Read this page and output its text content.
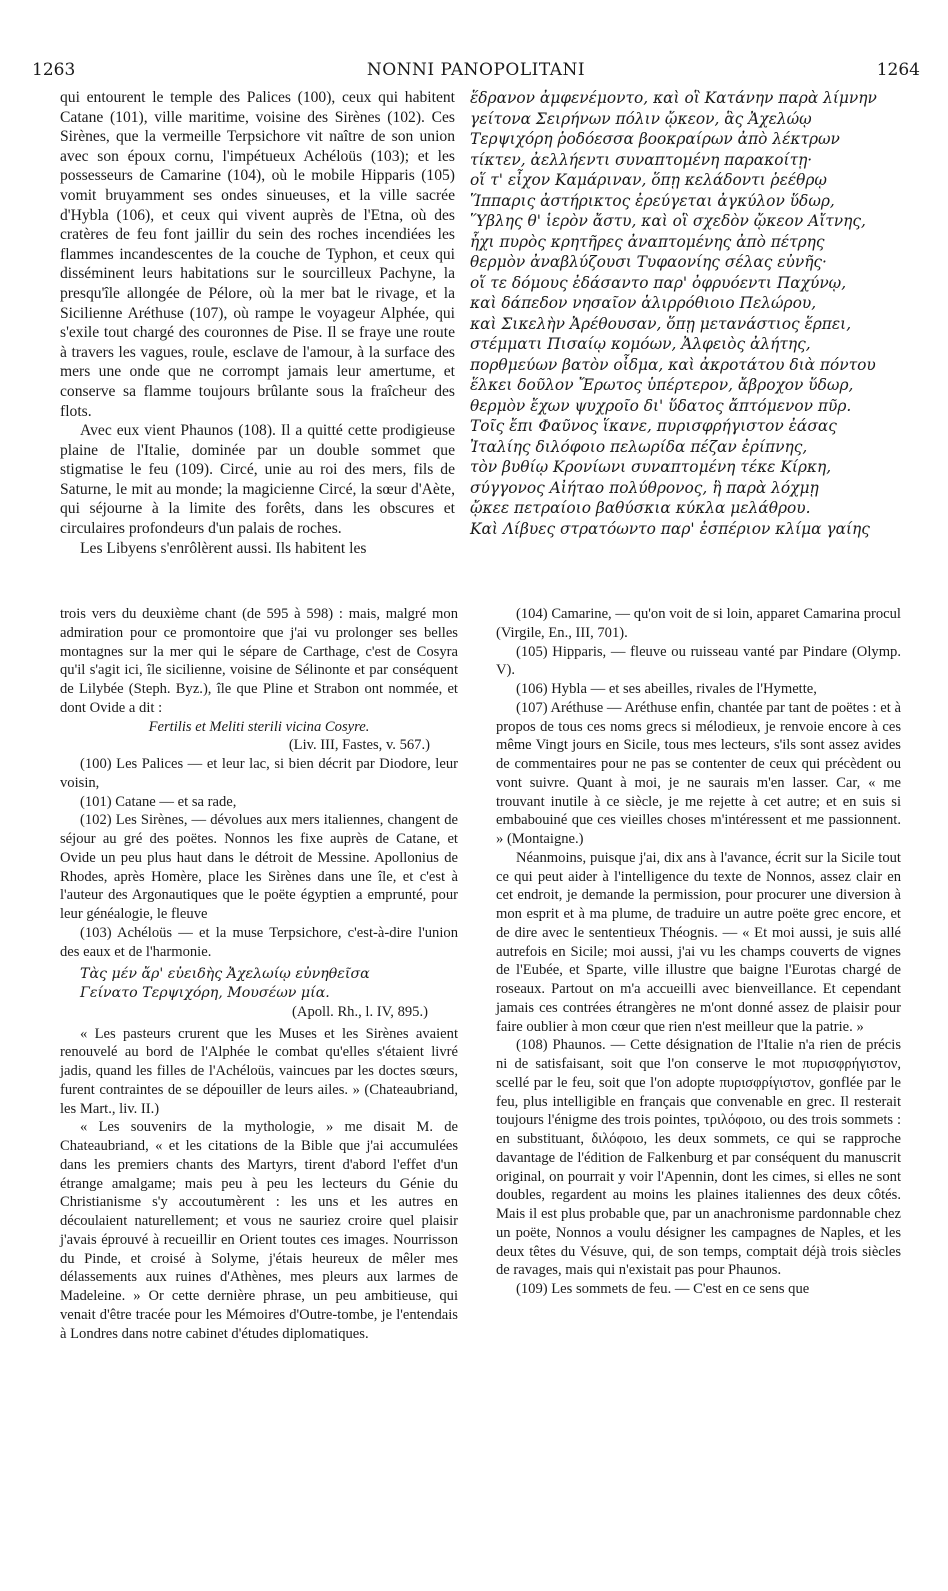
1263	NONNI PANOPOLITANI	1264

qui entourent le temple des Palices (100), ceux qui habitent Catane (101), ville maritime, voisine des Sirènes (102). Ces Sirènes, que la vermeille Terpsichore vit naître de son union avec son époux cornu, l'impétueux Achéloüs (103); et les possesseurs de Camarine (104), où le mobile Hipparis (105) vomit bruyamment ses ondes sinueuses, et la ville sacrée d'Hybla (106), et ceux qui vivent auprès de l'Etna, où des cratères de feu font jaillir du sein des roches incendiées les flammes incandescentes de la couche de Typhon, et ceux qui disséminent leurs habitations sur le sourcilleux Pachyne, la presqu'île allongée de Pélore, où la mer bat le rivage, et la Sicilienne Aréthuse (107), où rampe le voyageur Alphée, qui s'exile tout chargé des couronnes de Pise. Il se fraye une route à travers les vagues, roule, esclave de l'amour, à la surface des mers une onde que ne corrompt jamais leur amertume, et conserve sa flamme toujours brûlante sous la fraîcheur des flots.

Avec eux vient Phaunos (108). Il a quitté cette prodigieuse plaine de l'Italie, dominée par un double sommet que stigmatise le feu (109). Circé, unie au roi des mers, fils de Saturne, le mit au monde; la magicienne Circé, la sœur d'Aète, qui séjourne à la limite des forêts, dans les obscures et circulaires profondeurs d'un palais de roches.

Les Libyens s'enrôlèrent aussi. Ils habitent les

ἕδρανον ἀμφενέμοντο, καὶ οἳ Κατάνην παρὰ λίμνην
γείτονα Σειρήνων πόλιν ᾤκεον, ἃς Ἀχελώῳ
Τερψιχόρη ῥοδόεσσα βοοκραίρων ἀπὸ λέκτρων
τίκτεν, ἀελλήεντι συναπτομένη παρακοίτῃ·
οἵ τ' εἶχον Καμάριναν, ὅπῃ κελάδοντι ῥεέθρῳ
Ἵππαρις ἀστήρικτος ἐρεύγεται ἀγκύλον ὕδωρ,
Ὕβλης θ' ἱερὸν ἄστυ, καὶ οἳ σχεδὸν ᾤκεον Αἴτνης,
ἧχι πυρὸς κρητῆρες ἀναπτομένης ἀπὸ πέτρης
θερμὸν ἀναβλύζουσι Τυφαονίης σέλας εὐνῆς·
οἵ τε δόμους ἐδάσαντο παρ' ὀφρυόεντι Παχύνῳ,
καὶ δάπεδον νησαῖον ἁλιρρόθιοιο Πελώρου,
καὶ Σικελὴν Ἀρέθουσαν, ὅπῃ μετανάστιος ἕρπει,
στέμματι Πισαίῳ κομόων, Ἀλφειὸς ἀλήτης,
πορθμεύων βατὸν οἶδμα, καὶ ἀκροτάτου διὰ πόντου
ἕλκει δοῦλον Ἔρωτος ὑπέρτερον, ἄβροχον ὕδωρ,
θερμὸν ἔχων ψυχροῖο δι' ὕδατος ἄπτόμενον πῦρ.
Τοῖς ἔπι Φαῦνος ἵκανε, πυρισφρήγιστον ἐάσας
Ἰταλίης διλόφοιο πελωρίδα πέζαν ἐρίπνης,
τὸν βυθίῳ Κρονίωνι συναπτομένη τέκε Κίρκη,
σύγγονος Αἰήταο πολύθρονος, ἣ παρὰ λόχμῃ
ᾤκεε πετραίοιο βαθύσκια κύκλα μελάθρου.
Καὶ Λίβυες στρατόωντο παρ' ἑσπέριον κλίμα γαίης

trois vers du deuxième chant (de 595 à 598) : mais, malgré mon admiration pour ce promontoire que j'ai vu prolonger ses belles montagnes sur la mer qui le sépare de Carthage, c'est de Cosyra qu'il s'agit ici, île sicilienne, voisine de Sélinonte et par conséquent de Lilybée (Steph. Byz.), île que Pline et Strabon ont nommée, et dont Ovide a dit :

Fertilis et Meliti sterili vicina Cosyre.

(Liv. III, Fastes, v. 567.)

(100) Les Palices — et leur lac, si bien décrit par Diodore, leur voisin,

(101) Catane — et sa rade,

(102) Les Sirènes, — dévolues aux mers italiennes, changent de séjour au gré des poëtes. Nonnos les fixe auprès de Catane, et Ovide un peu plus haut dans le détroit de Messine. Apollonius de Rhodes, après Homère, place les Sirènes dans une île, et c'est à l'auteur des Argonautiques que le poëte égyptien a emprunté, pour leur généalogie, le fleuve

(103) Achéloüs — et la muse Terpsichore, c'est-à-dire l'union des eaux et de l'harmonie.

Τὰς μέν ἄρ' εὐειδὴς Ἀχελωίῳ εὐνηθεῖσα

Γείνατο Τερψιχόρη, Μουσέων μία.

(Apoll. Rh., l. IV, 895.)

« Les pasteurs crurent que les Muses et les Sirènes avaient renouvelé au bord de l'Alphée le combat qu'elles s'étaient livré jadis, quand les filles de l'Achéloüs, vaincues par les doctes sœurs, furent contraintes de se dépouiller de leurs ailes. » (Chateaubriand, les Mart., liv. II.)

« Les souvenirs de la mythologie, » me disait M. de Chateaubriand, « et les citations de la Bible que j'ai accumulées dans les premiers chants des Martyrs, tirent d'abord l'effet d'un étrange amalgame; mais peu à peu les lecteurs du Génie du Christianisme s'y accoutumèrent : les uns et les autres en découlaient naturellement; et vous ne sauriez croire quel plaisir j'avais éprouvé à recueillir en Orient toutes ces images. Nourrisson du Pinde, et croisé à Solyme, j'étais heureux de mêler mes délassements aux ruines d'Athènes, mes pleurs aux larmes de Madeleine. » Or cette dernière phrase, un peu ambitieuse, qui venait d'être tracée pour les Mémoires d'Outre-tombe, je l'entendais à Londres dans notre cabinet d'études diplomatiques.

(104) Camarine, — qu'on voit de si loin, apparet Camarina procul (Virgile, En., III, 701).

(105) Hipparis, — fleuve ou ruisseau vanté par Pindare (Olymp. V).

(106) Hybla — et ses abeilles, rivales de l'Hymette,

(107) Aréthuse — Aréthuse enfin, chantée par tant de poëtes : et à propos de tous ces noms grecs si mélodieux, je renvoie encore à ces même Vingt jours en Sicile, tous mes lecteurs, s'ils sont assez avides de commentaires pour ne pas se contenter de ceux qui précèdent ou vont suivre. Quant à moi, je ne saurais m'en lasser. Car, « me trouvant inutile à ce siècle, je me rejette à cet autre; et en suis si embabouiné que ces vieilles choses m'intéressent et me passionnent. » (Montaigne.)

Néanmoins, puisque j'ai, dix ans à l'avance, écrit sur la Sicile tout ce qui peut aider à l'intelligence du texte de Nonnos, assez clair en cet endroit, je demande la permission, pour procurer une diversion à mon esprit et à ma plume, de traduire un autre poëte grec encore, et de dire avec le sententieux Théognis. — « Et moi aussi, je suis allé autrefois en Sicile; moi aussi, j'ai vu les champs couverts de vignes de l'Eubée, et Sparte, ville illustre que baigne l'Eurotas chargé de roseaux. Partout on m'a accueilli avec bienveillance. Et cependant jamais ces contrées étrangères ne m'ont donné assez de plaisir pour faire oublier à mon cœur que rien n'est meilleur que la patrie. »

(108) Phaunos. — Cette désignation de l'Italie n'a rien de précis ni de satisfaisant, soit que l'on conserve le mot πυρισφρήγιστον, scellé par le feu, soit que l'on adopte πυρισφρίγιστον, gonflée par le feu, plus intelligible en français que convenable en grec. Il resterait toujours l'énigme des trois pointes, τριλόφοιο, ou des trois sommets : en substituant, διλόφοιο, les deux sommets, ce qui se rapproche davantage de l'édition de Falkenburg et par conséquent du manuscrit original, on pourrait y voir l'Apennin, dont les cimes, si elles ne sont doubles, regardent au moins les plaines italiennes des deux côtés. Mais il est plus probable que, par un anachronisme pardonnable chez un poëte, Nonnos a voulu désigner les campagnes de Naples, et les deux têtes du Vésuve, qui, de son temps, comptait déjà trois siècles de ravages, mais qui n'existait pas pour Phaunos.

(109) Les sommets de feu. — C'est en ce sens que
